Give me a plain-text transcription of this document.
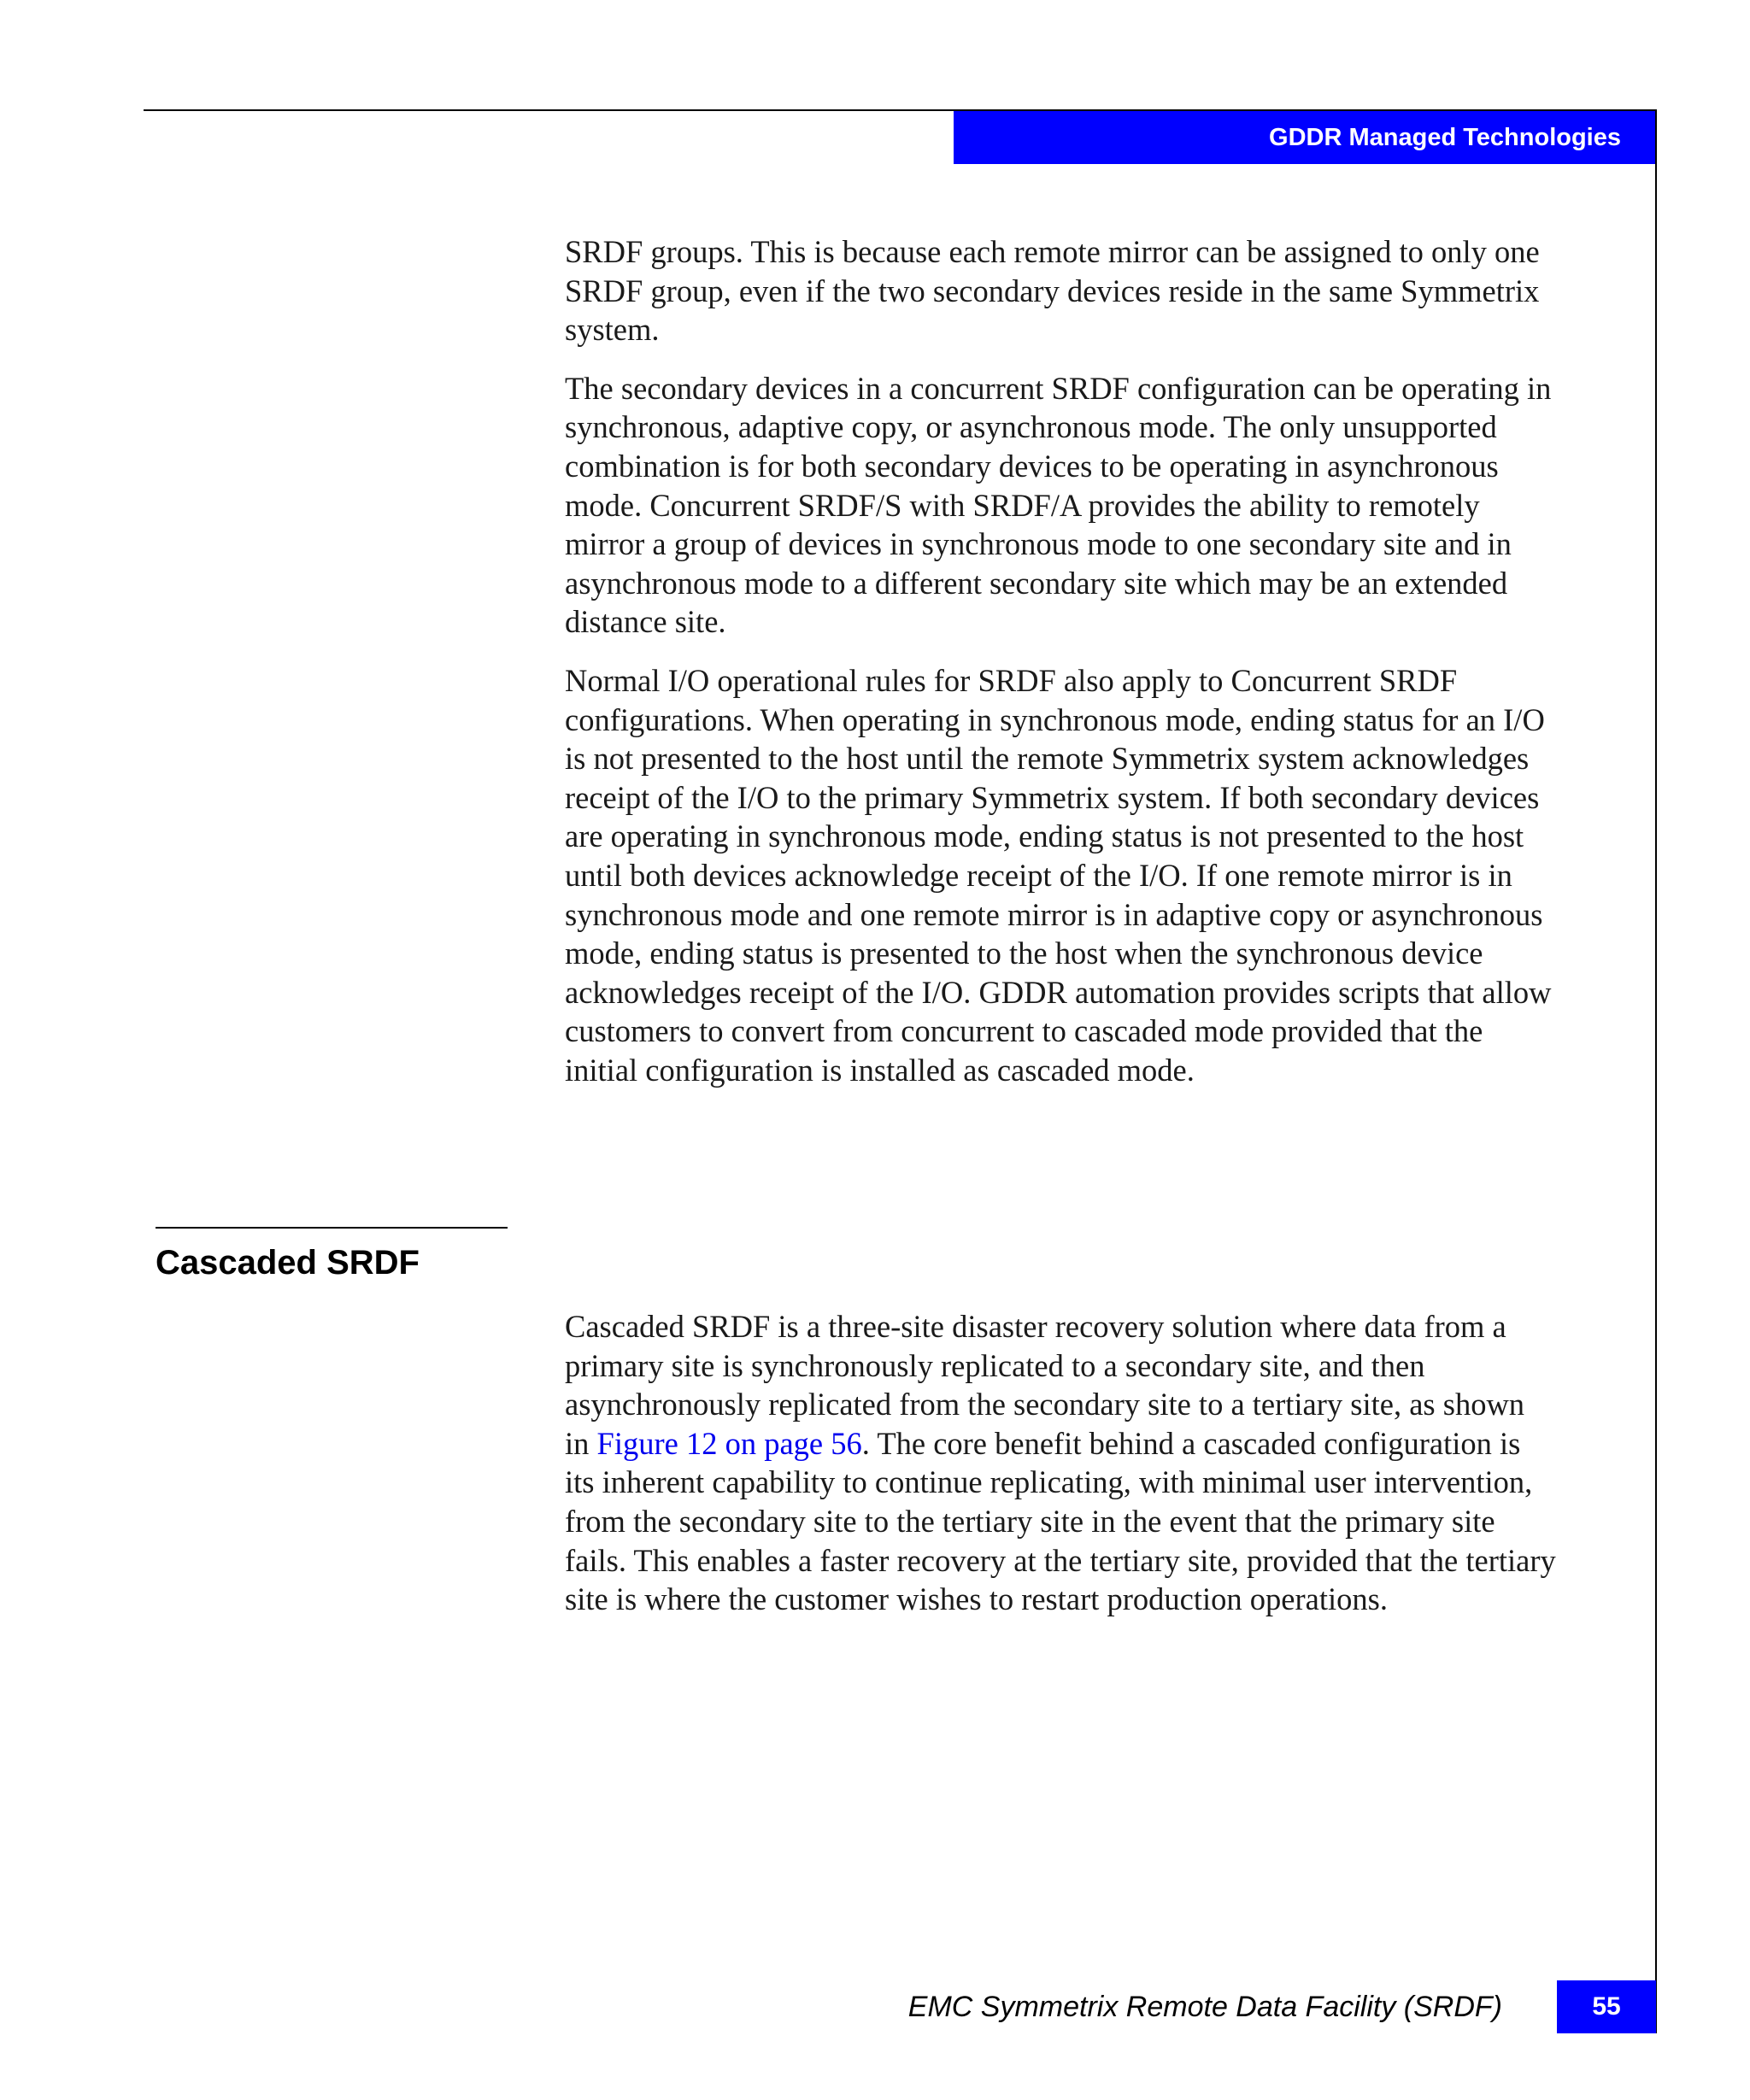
GDDR Managed Technologies

SRDF groups. This is because each remote mirror can be assigned to only one SRDF group, even if the two secondary devices reside in the same Symmetrix system.

The secondary devices in a concurrent SRDF configuration can be operating in synchronous, adaptive copy, or asynchronous mode. The only unsupported combination is for both secondary devices to be operating in asynchronous mode. Concurrent SRDF/S with SRDF/A provides the ability to remotely mirror a group of devices in synchronous mode to one secondary site and in asynchronous mode to a different secondary site which may be an extended distance site.

Normal I/O operational rules for SRDF also apply to Concurrent SRDF configurations. When operating in synchronous mode, ending status for an I/O is not presented to the host until the remote Symmetrix system acknowledges receipt of the I/O to the primary Symmetrix system. If both secondary devices are operating in synchronous mode, ending status is not presented to the host until both devices acknowledge receipt of the I/O. If one remote mirror is in synchronous mode and one remote mirror is in adaptive copy or asynchronous mode, ending status is presented to the host when the synchronous device acknowledges receipt of the I/O. GDDR automation provides scripts that allow customers to convert from concurrent to cascaded mode provided that the initial configuration is installed as cascaded mode.

Cascaded SRDF

Cascaded SRDF is a three-site disaster recovery solution where data from a primary site is synchronously replicated to a secondary site, and then asynchronously replicated from the secondary site to a tertiary site, as shown in Figure 12 on page 56. The core benefit behind a cascaded configuration is its inherent capability to continue replicating, with minimal user intervention, from the secondary site to the tertiary site in the event that the primary site fails. This enables a faster recovery at the tertiary site, provided that the tertiary site is where the customer wishes to restart production operations.

EMC Symmetrix Remote Data Facility (SRDF)	55
